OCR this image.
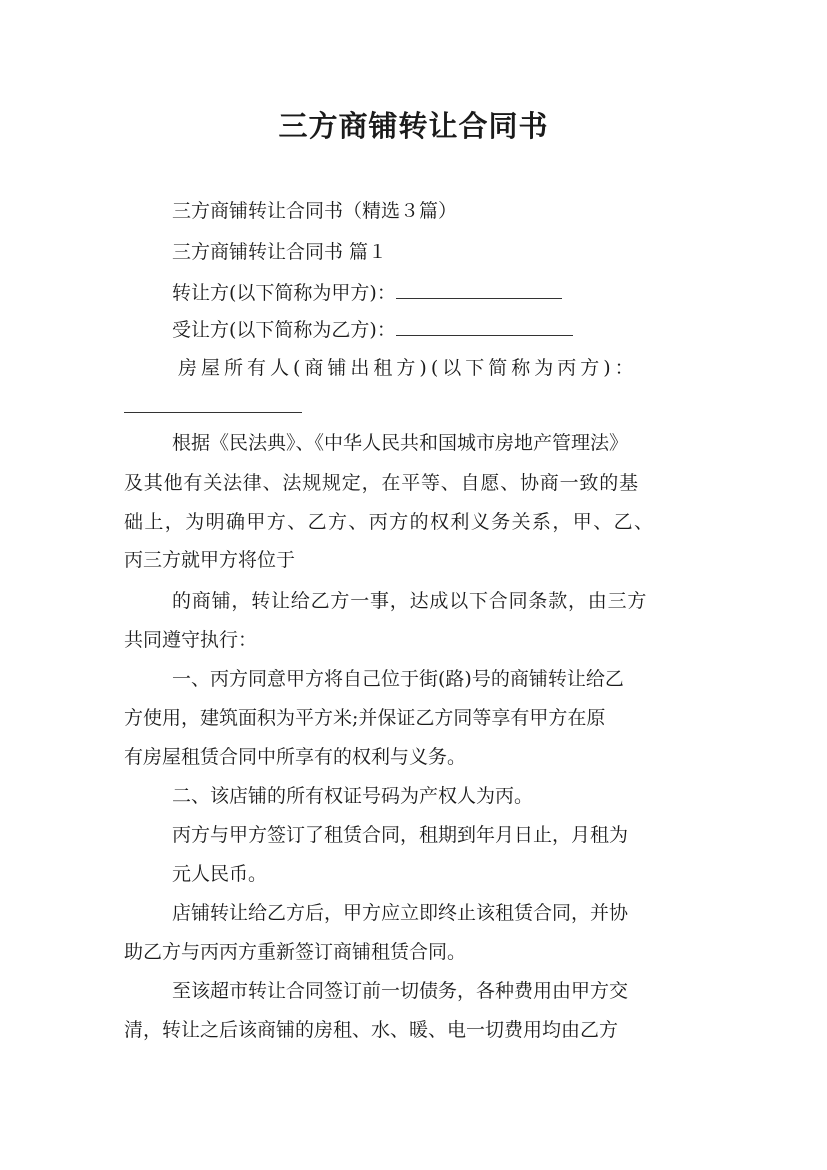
三方商铺转让合同书
三方商铺转让合同书（精选３篇）
三方商铺转让合同书 篇１
转让方(以下简称为甲方)：
受让方(以下简称为乙方)：
房屋所有人(商铺出租方)(以下简称为丙方)：
根据《民法典》、《中华人民共和国城市房地产管理法》
及其他有关法律、法规规定，在平等、自愿、协商一致的基
础上，为明确甲方、乙方、丙方的权利义务关系，甲、乙、
丙三方就甲方将位于
的商铺，转让给乙方一事，达成以下合同条款，由三方
共同遵守执行：
一、丙方同意甲方将自己位于街(路)号的商铺转让给乙
方使用，建筑面积为平方米;并保证乙方同等享有甲方在原
有房屋租赁合同中所享有的权利与义务。
二、该店铺的所有权证号码为产权人为丙。
丙方与甲方签订了租赁合同，租期到年月日止，月租为
元人民币。
店铺转让给乙方后，甲方应立即终止该租赁合同，并协
助乙方与丙丙方重新签订商铺租赁合同。
至该超市转让合同签订前一切债务，各种费用由甲方交
清，转让之后该商铺的房租、水、暖、电一切费用均由乙方
